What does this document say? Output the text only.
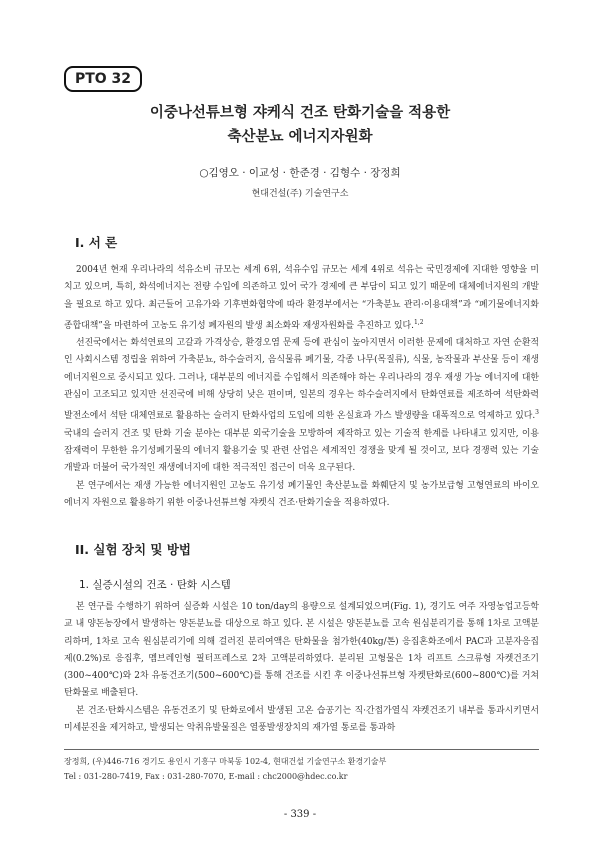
PTO 32
이중나선튜브형 쟈케식 건조 탄화기술을 적용한
축산분뇨 에너지자원화
○김영오 · 이교성 · 한준경 · 김형수 · 장정희
현대건설(주) 기술연구소
I. 서 론

2004년 현재 우리나라의 석유소비 규모는 세계 6위, 석유수입 규모는 세계 4위로 석유는 국민경제에 지대한 영향을 미치고 있으며, 특히, 화석에너지는 전량 수입에 의존하고 있어 국가 경제에 큰 부담이 되고 있기 때문에 대체에너지원의 개발을 필요로 하고 있다. 최근들어 고유가와 기후변화협약에 따라 환경부에서는 “가축분뇨 관리·이용대책”과 “폐기물에너지화 종합대책”을 마련하여 고농도 유기성 폐자원의 발생 최소화와 재생자원화를 추진하고 있다.$^{1,2}$

선진국에서는 화석연료의 고갈과 가격상승, 환경오염 문제 등에 관심이 높아지면서 이러한 문제에 대처하고 자연 순환적인 사회시스템 정립을 위하여 가축분뇨, 하수슬러지, 음식물류 폐기물, 각종 나무(목질류), 식물, 농작물과 부산물 등이 재생에너지원으로 중시되고 있다. 그러나, 대부분의 에너지를 수입해서 의존해야 하는 우리나라의 경우 재생 가능 에너지에 대한 관심이 고조되고 있지만 선진국에 비해 상당히 낮은 편이며, 일본의 경우는 하수슬러지에서 탄화연료를 제조하여 석탄화력발전소에서 석탄 대체연료로 활용하는 슬러지 탄화사업의 도입에 의한 온실효과 가스 발생량을 대폭적으로 억제하고 있다.$^3$ 국내의 슬러지 건조 및 탄화 기술 분야는 대부분 외국기술을 모방하여 제작하고 있는 기술적 한계를 나타내고 있지만, 이용 잠재력이 무한한 유기성폐기물의 에너지 활용기술 및 관련 산업은 세계적인 경쟁을 맞게 될 것이고, 보다 경쟁력 있는 기술 개발과 더불어 국가적인 재생에너지에 대한 적극적인 접근이 더욱 요구된다.

본 연구에서는 재생 가능한 에너지원인 고농도 유기성 폐기물인 축산분뇨를 화훼단지 및 농가보급형 고형연료의 바이오에너지 자원으로 활용하기 위한 이중나선튜브형 쟈켓식 건조·탄화기술을 적용하였다.

II. 실험 장치 및 방법
1. 실증시설의 건조 · 탄화 시스템

본 연구를 수행하기 위하여 실증화 시설은 10 ton/day의 용량으로 설계되었으며(Fig. 1), 경기도 여주 자영농업고등학교 내 양돈농장에서 발생하는 양돈분뇨를 대상으로 하고 있다. 본 시설은 양돈분뇨를 고속 원심분리기를 통해 1차로 고액분리하며, 1차로 고속 원심분리기에 의해 걸러진 분리여액은 탄화물을 첨가한(40kg/톤) 응집혼화조에서 PAC과 고분자응집제(0.2%)로 응집후, 멤브레인형 필터프레스로 2차 고액분리하였다. 분리된 고형물은 1차 리프트 스크류형 자켓건조기(300~400℃)와 2차 유동건조기(500~600℃)를 통해 건조를 시킨 후 이중나선튜브형 자켓탄화로(600~800℃)를 거쳐 탄화물로 배출된다.

본 건조·탄화시스템은 유동건조기 및 탄화로에서 발생된 고온 습공기는 직·간접가열식 쟈켓건조기 내부를 통과시키면서 미세분진을 제거하고, 발생되는 악취유발물질은 열풍발생장치의 재가열 통로를 통과하

장정희, (우)446-716 경기도 용인시 기흥구 마북동 102-4, 현대건설 기술연구소 환경기술부
Tel : 031-280-7419, Fax : 031-280-7070, E-mail : chc2000@hdec.co.kr
- 339 -
